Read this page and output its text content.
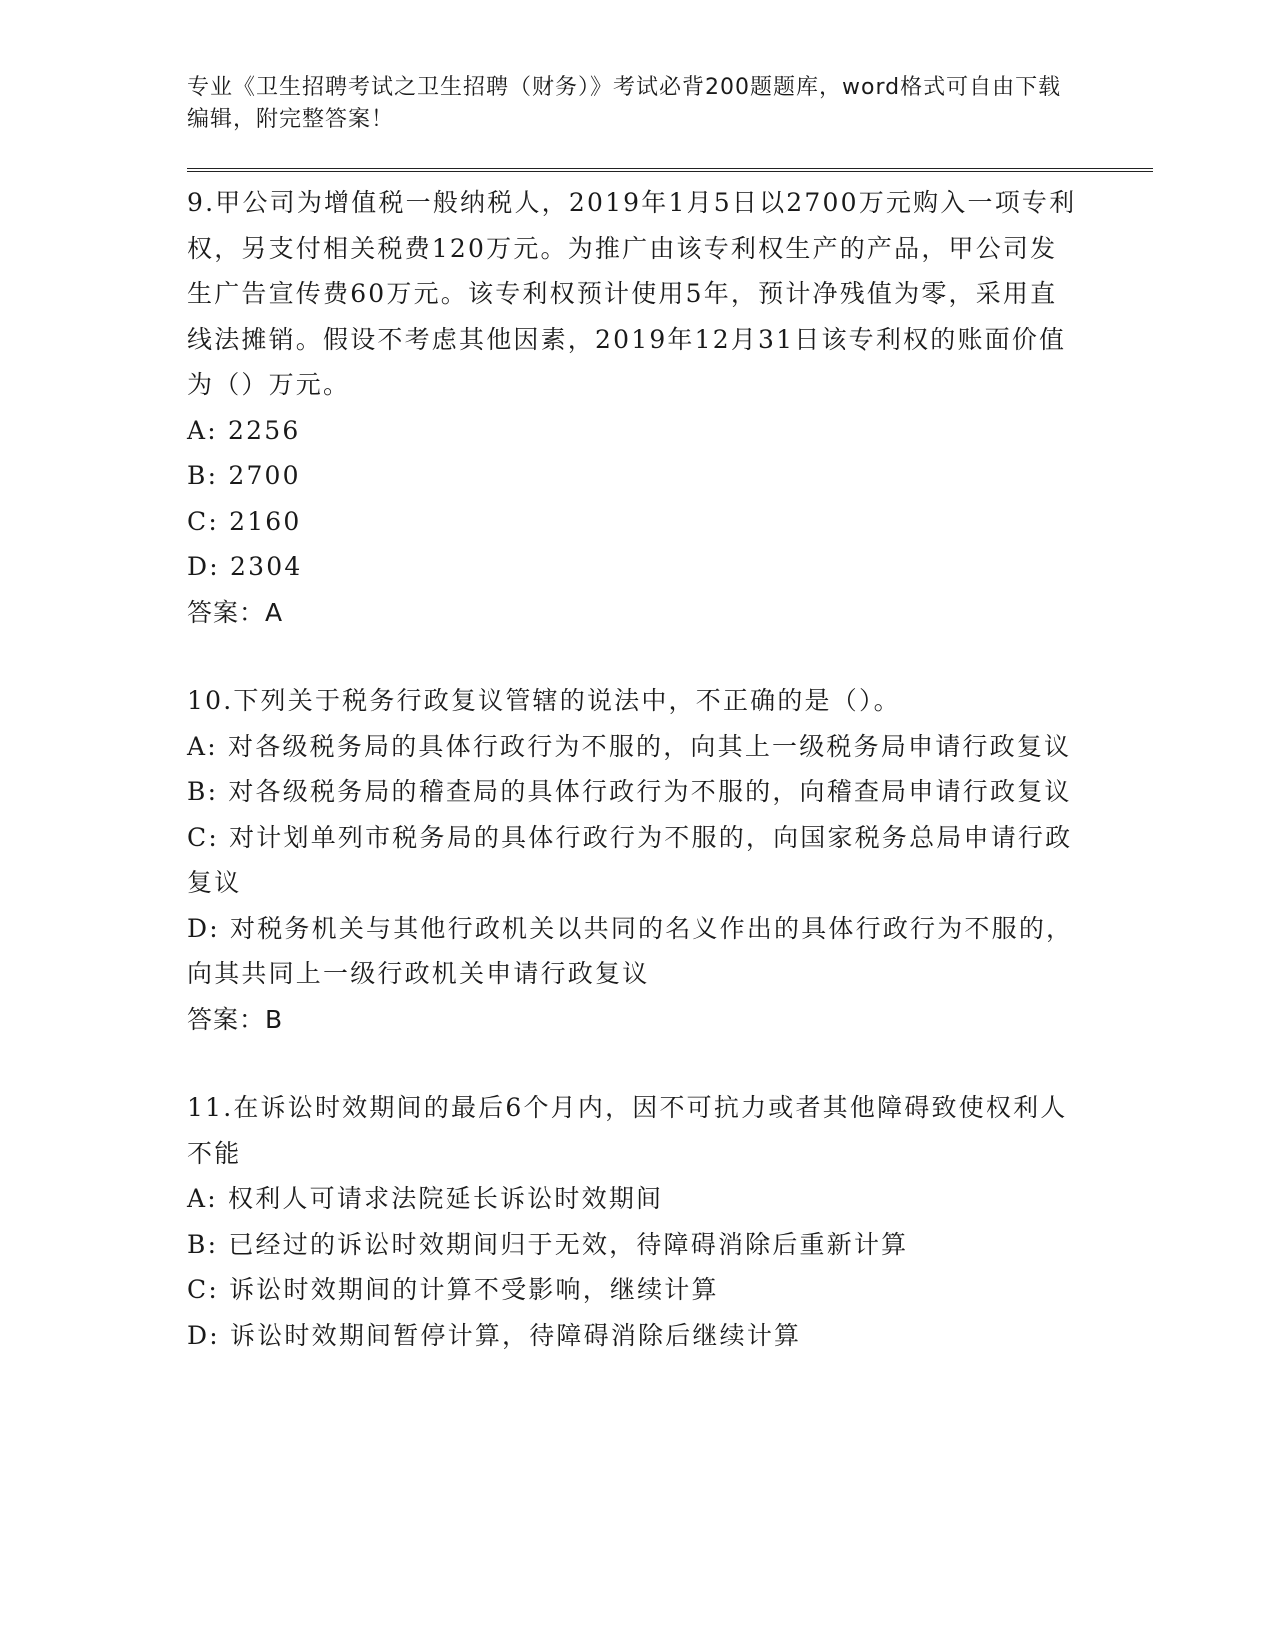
专业《卫生招聘考试之卫生招聘（财务）》考试必背200题题库，word格式可自由下载编辑，附完整答案！
9.甲公司为增值税一般纳税人，2019年1月5日以2700万元购入一项专利权，另支付相关税费120万元。为推广由该专利权生产的产品，甲公司发生广告宣传费60万元。该专利权预计使用5年，预计净残值为零，采用直线法摊销。假设不考虑其他因素，2019年12月31日该专利权的账面价值为（）万元。
A: 2256
B: 2700
C: 2160
D: 2304
答案：A
10.下列关于税务行政复议管辖的说法中，不正确的是（）。
A: 对各级税务局的具体行政行为不服的，向其上一级税务局申请行政复议
B: 对各级税务局的稽查局的具体行政行为不服的，向稽查局申请行政复议
C: 对计划单列市税务局的具体行政行为不服的，向国家税务总局申请行政复议
D: 对税务机关与其他行政机关以共同的名义作出的具体行政行为不服的，向其共同上一级行政机关申请行政复议
答案：B
11.在诉讼时效期间的最后6个月内，因不可抗力或者其他障碍致使权利人不能
A: 权利人可请求法院延长诉讼时效期间
B: 已经过的诉讼时效期间归于无效，待障碍消除后重新计算
C: 诉讼时效期间的计算不受影响，继续计算
D: 诉讼时效期间暂停计算，待障碍消除后继续计算
